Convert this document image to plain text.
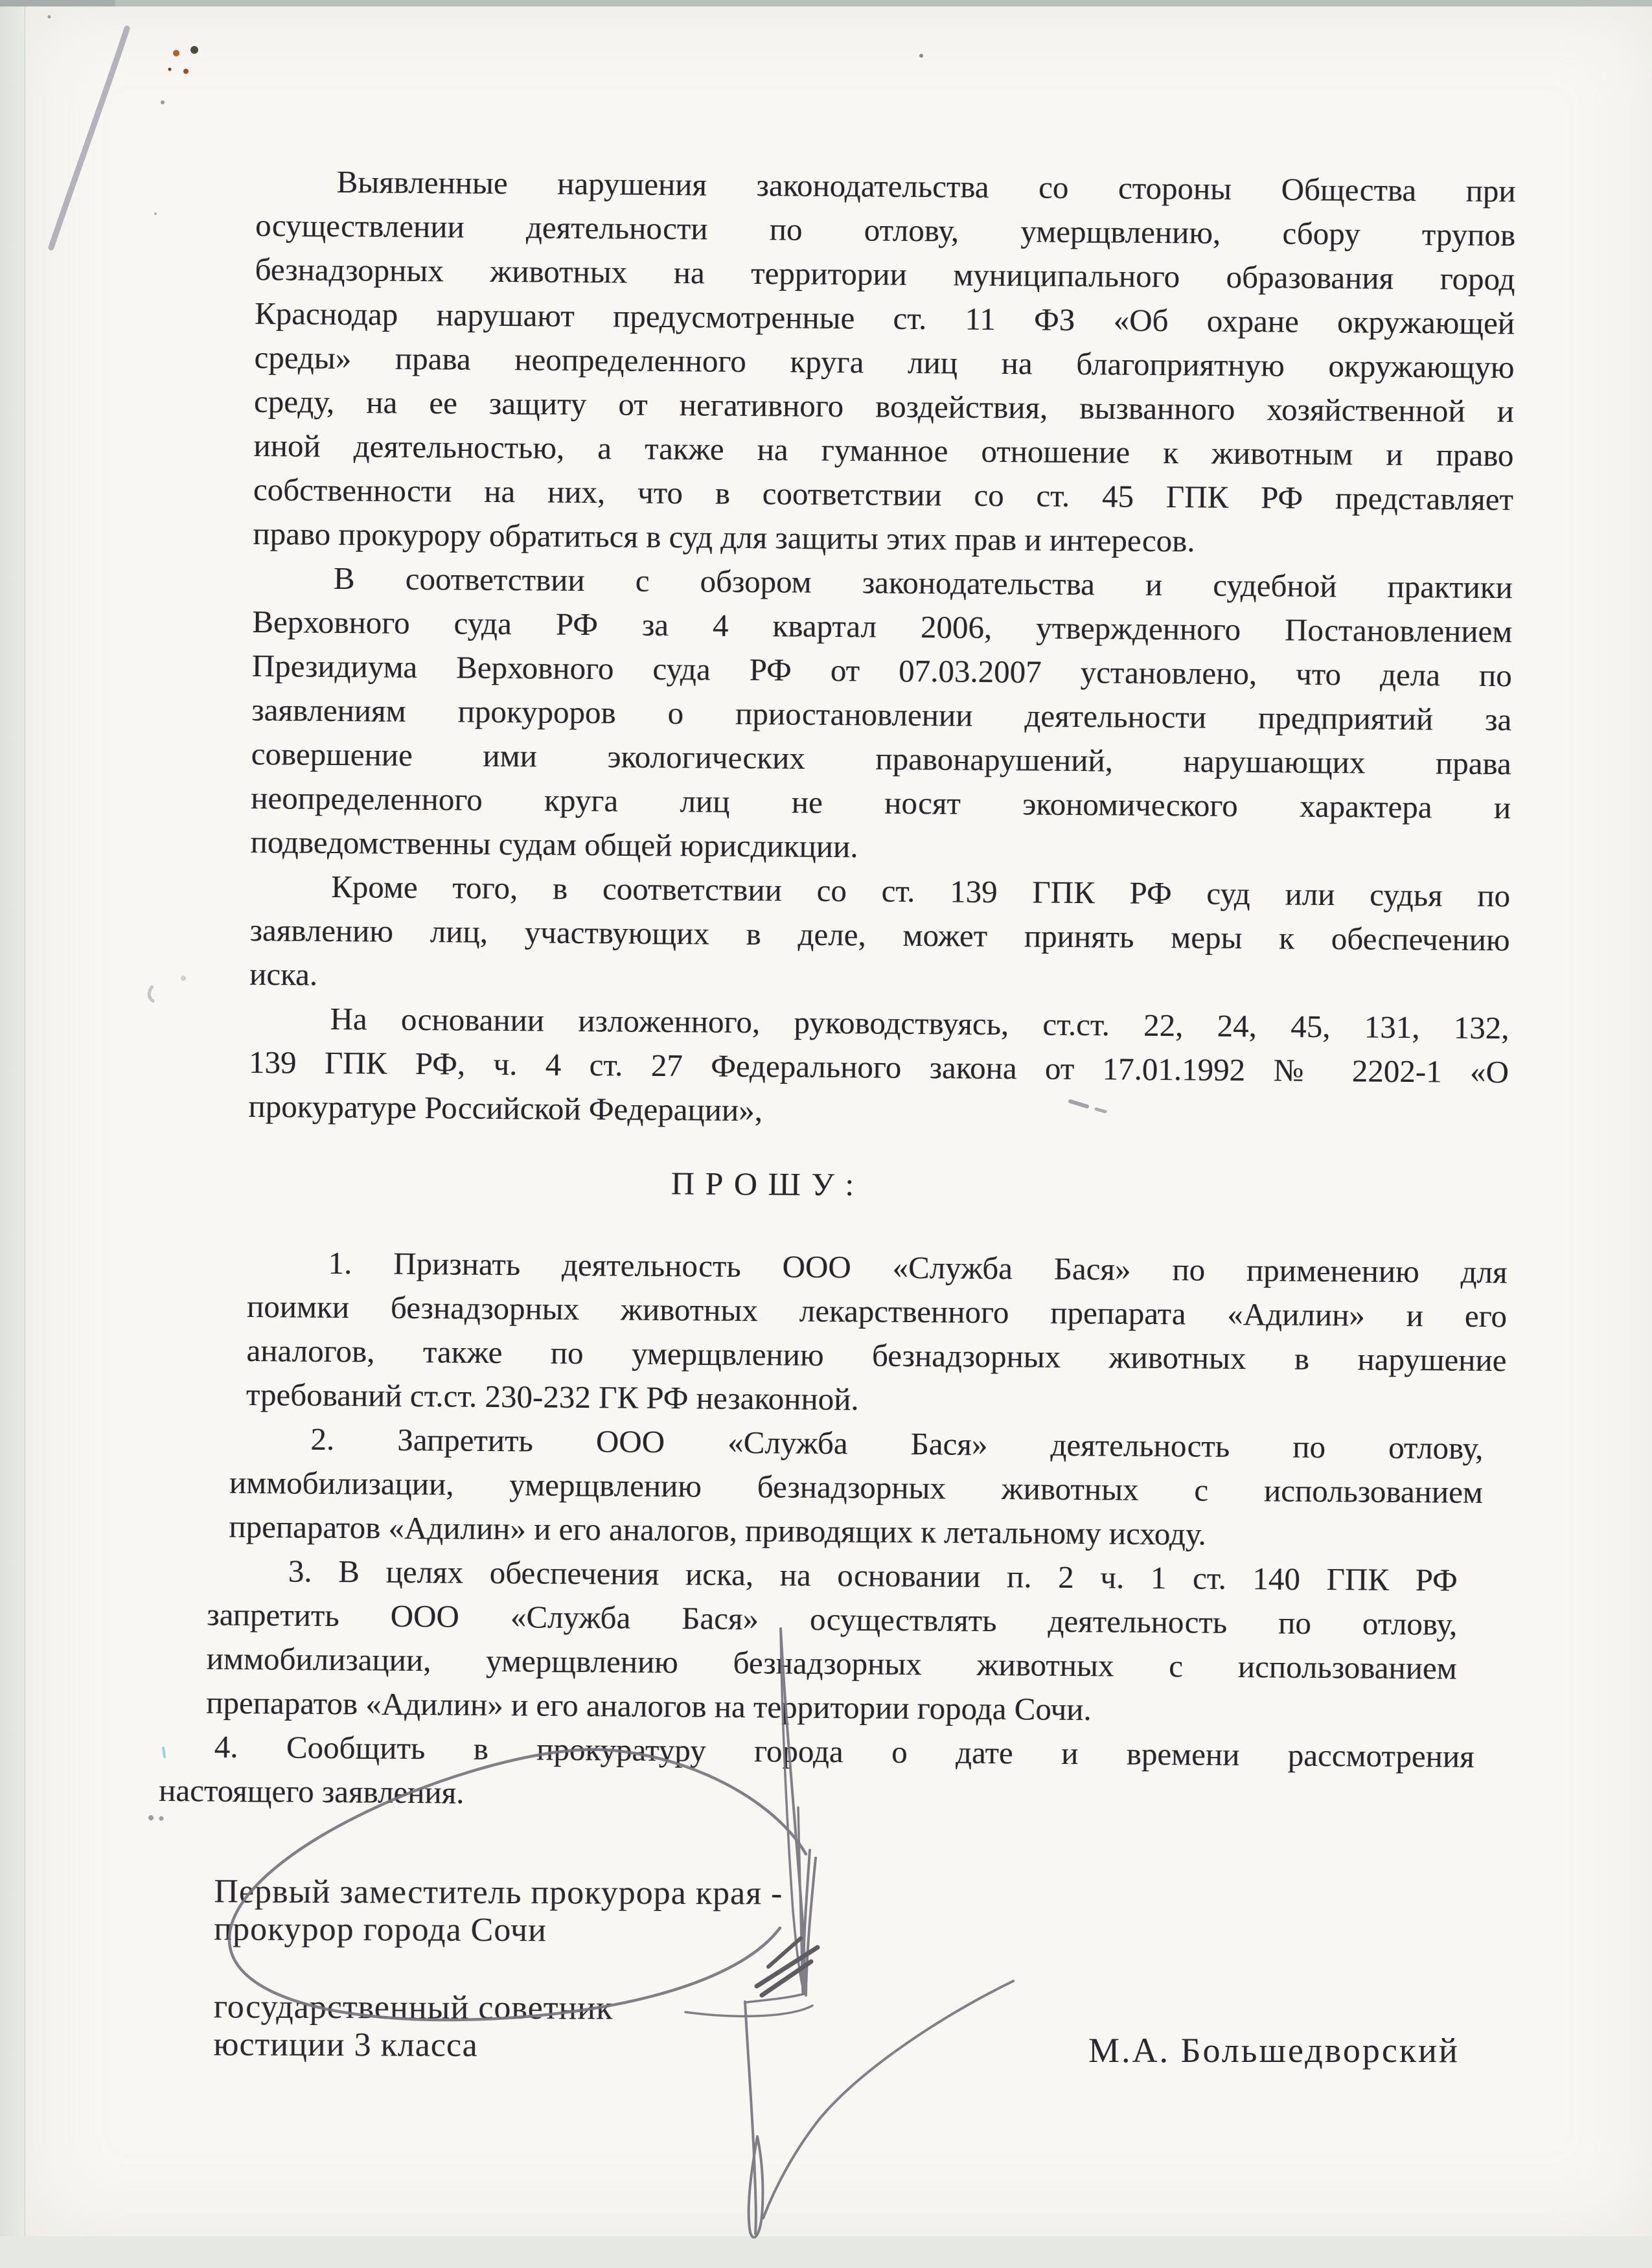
Выявленные нарушения законодательства со стороны Общества при
осуществлении деятельности по отлову, умерщвлению, сбору трупов
безнадзорных животных на территории муниципального образования город
Краснодар нарушают предусмотренные ст. 11 ФЗ «Об охране окружающей
среды» права неопределенного круга лиц на благоприятную окружающую
среду, на ее защиту от негативного воздействия, вызванного хозяйственной и
иной деятельностью, а также на гуманное отношение к животным и право
собственности на них, что в соответствии со ст. 45 ГПК РФ представляет
право прокурору обратиться в суд для защиты этих прав и интересов.
В соответствии с обзором законодательства и судебной практики
Верховного суда РФ за 4 квартал 2006, утвержденного Постановлением
Президиума Верховного суда РФ от 07.03.2007 установлено, что дела по
заявлениям прокуроров о приостановлении деятельности предприятий за
совершение ими экологических правонарушений, нарушающих права
неопределенного круга лиц не носят экономического характера и
подведомственны судам общей юрисдикции.
Кроме того, в соответствии со ст. 139 ГПК РФ суд или судья по
заявлению лиц, участвующих в деле, может принять меры к обеспечению
иска.
На основании изложенного, руководствуясь, ст.ст. 22, 24, 45, 131, 132,
139 ГПК РФ, ч. 4 ст. 27 Федерального закона от 17.01.1992 № 2202-1 «О
прокуратуре Российской Федерации»,
П Р О Ш У :
1. Признать деятельность ООО «Служба Бася» по применению для
поимки безнадзорных животных лекарственного препарата «Адилин» и его
аналогов, также по умерщвлению безнадзорных животных в нарушение
требований ст.ст. 230-232 ГК РФ незаконной.
2. Запретить ООО «Служба Бася» деятельность по отлову,
иммобилизации, умерщвлению безнадзорных животных с использованием
препаратов «Адилин» и его аналогов, приводящих к летальному исходу.
3. В целях обеспечения иска, на основании п. 2 ч. 1 ст. 140 ГПК РФ
запретить ООО «Служба Бася» осуществлять деятельность по отлову,
иммобилизации, умерщвлению безнадзорных животных с использованием
препаратов «Адилин» и его аналогов на территории города Сочи.
4. Сообщить в прокуратуру города о дате и времени рассмотрения
настоящего заявления.
Первый заместитель прокурора края -
прокурор города Сочи
государственный советник
юстиции 3 класса	М.А. Большедворский
